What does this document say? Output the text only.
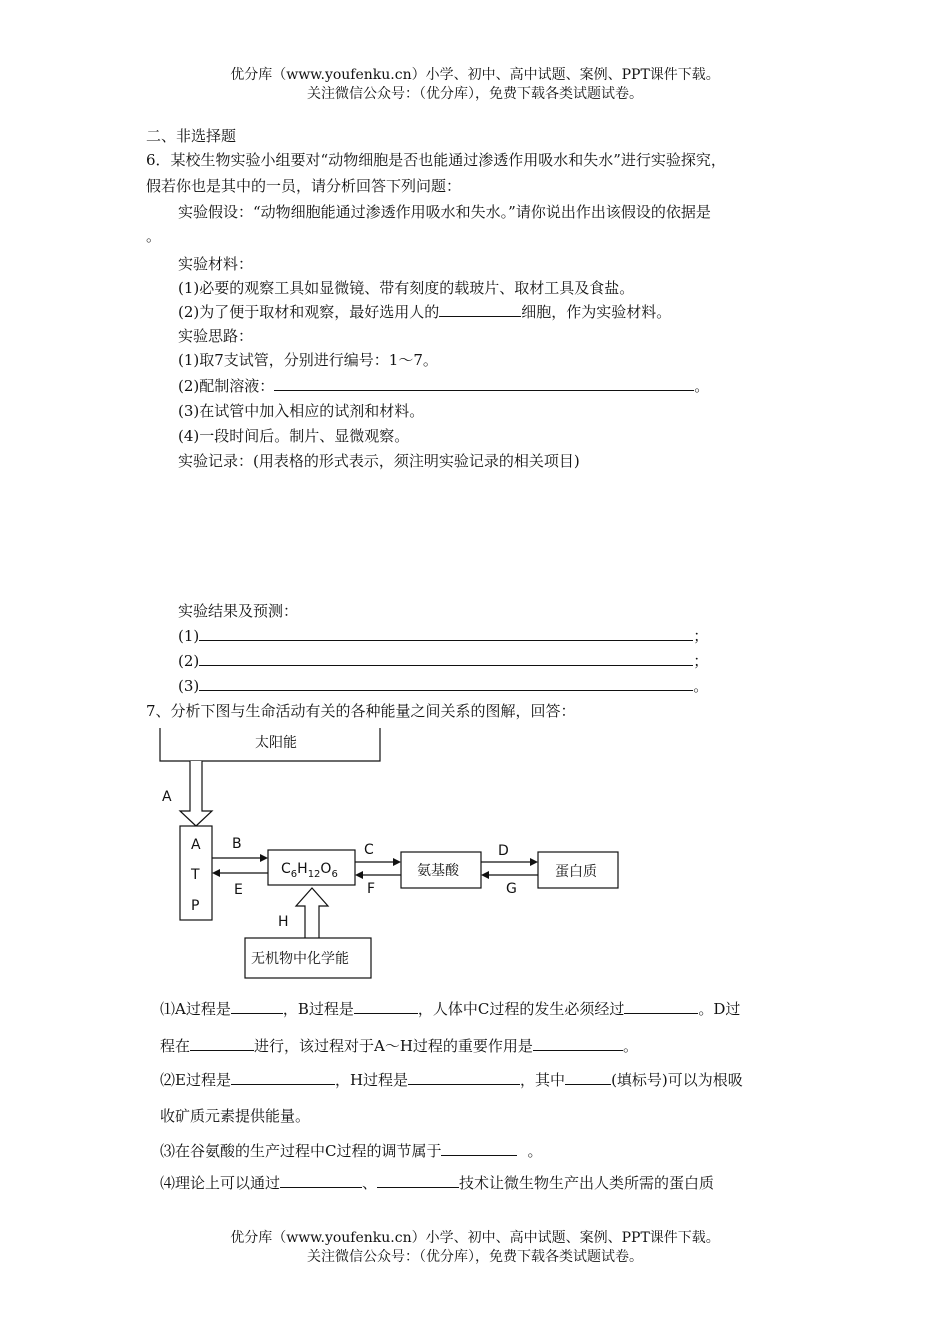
优分库（www.youfenku.cn）小学、初中、高中试题、案例、PPT课件下载。
关注微信公众号：（优分库），免费下载各类试题试卷。
二、非选择题
6．某校生物实验小组要对“动物细胞是否也能通过渗透作用吸水和失水”进行实验探究，
假若你也是其中的一员，请分析回答下列问题：
实验假设：“动物细胞能通过渗透作用吸水和失水。”请你说出作出该假设的依据是
。
实验材料：
(1)必要的观察工具如显微镜、带有刻度的载玻片、取材工具及食盐。
(2)为了便于取材和观察，最好选用人的	细胞，作为实验材料。
实验思路：
(1)取7支试管，分别进行编号：1～7。
(2)配制溶液：	。
(3)在试管中加入相应的试剂和材料。
(4)一段时间后。制片、显微观察。
实验记录：(用表格的形式表示，须注明实验记录的相关项目)
实验结果及预测：
(1)	；
(2)	；
(3)	。
7、分析下图与生命活动有关的各种能量之间关系的图解，回答：
太阳能
A
A
T
P
B
E
$C_6H_{12}O_6$
C
F
氨基酸
D
G
蛋白质
H
无机物中化学能
⑴A过程是	，B过程是	，人体中C过程的发生必须经过	。D过
程在	进行，该过程对于A～H过程的重要作用是	。
⑵E过程是	，H过程是	，其中	(填标号)可以为根吸
收矿质元素提供能量。
⑶在谷氨酸的生产过程中C过程的调节属于	。
⑷理论上可以通过	、	技术让微生物生产出人类所需的蛋白质
优分库（www.youfenku.cn）小学、初中、高中试题、案例、PPT课件下载。
关注微信公众号：（优分库），免费下载各类试题试卷。
